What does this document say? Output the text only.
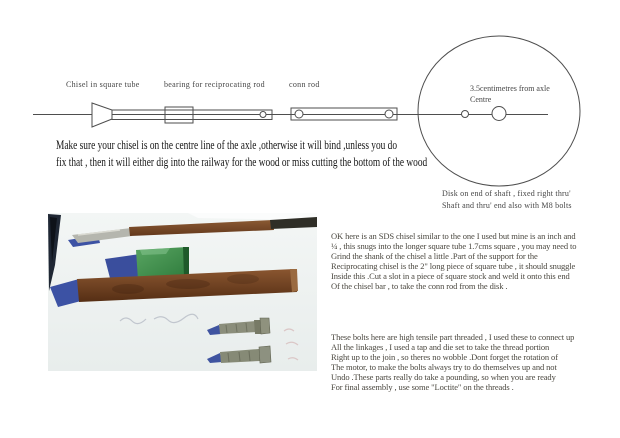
Chisel in square tube	bearing for reciprocating rod	conn rod	3.5centimetres from axle
Centre
Disk on end of shaft , fixed right thru'
Shaft and thru' end also with M8 bolts
Make sure your chisel is on the centre line of the axle ,otherwise it will bind ,unless you do
fix that , then it will either dig into the railway for the wood or miss cutting the bottom of the wood
OK here is an SDS chisel similar to the one I used but mine is an inch and
¼ , this snugs into the longer square tube 1.7cms square , you may need to
Grind the shank of the chisel a little .Part of the support for the
Reciprocating chisel is the 2" long piece of square tube , it should snuggle
Inside this .Cut a slot in a piece of square stock and weld it onto this end
Of the chisel bar , to take the conn rod from the disk .
These bolts here are high tensile part threaded , I used these to connect up
All the linkages , I used a tap and die set to take the thread portion
Right up to the join , so theres no wobble .Dont forget the rotation of
The motor, to make the bolts always try to do themselves up and not
Undo .These parts really do take a pounding, so when you are ready
For final assembly , use some "Loctite" on the threads .
